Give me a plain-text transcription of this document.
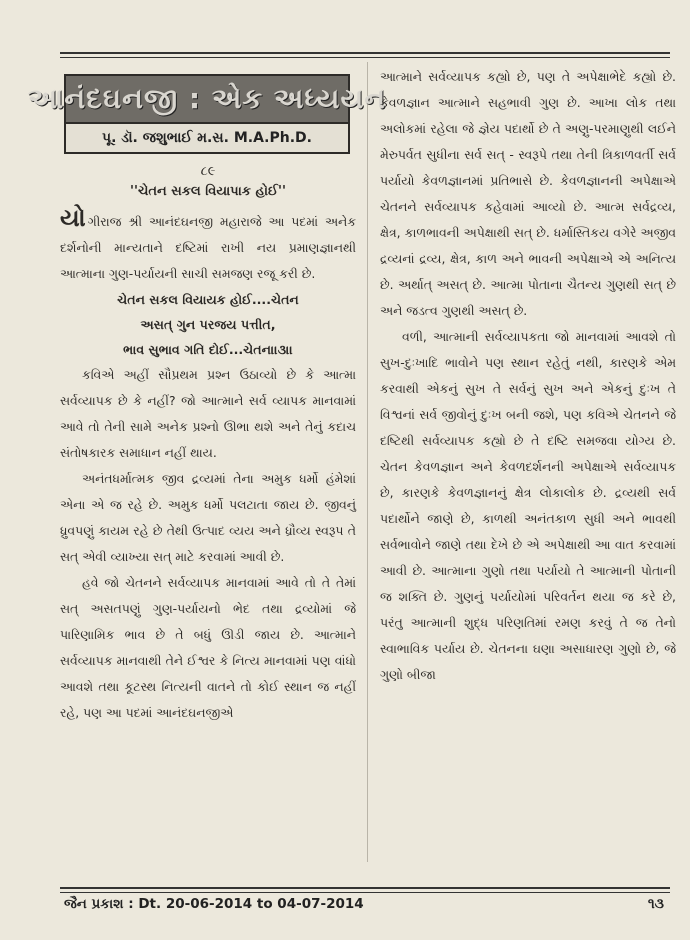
આનંદઘનજી : એક અધ્યયન
પૂ. ડૉ. જશુભાઈ મ.સ. M.A.Ph.D.

૮૯

''ચેતન સકલ વિયાપાક હોઈ''

યોગીરાજ શ્રી આનંદઘનજી મહારાજે આ પદમાં અનેક દર્શનોની માન્યતાને દષ્ટિમાં રાખી નય પ્રમાણજ્ઞાનથી આત્માના ગુણ-પર્યાયની સાચી સમજણ રજૂ કરી છે.

ચેતન સકલ વિયાયક હોઈ....ચેતન

અસત્ ગુન પરજય પત્તીત,

ભાવ સુભાવ ગતિ દોઈ...ચેતન।।૩।।

કવિએ અહીં સૌપ્રથમ પ્રશ્ન ઉઠાવ્યો છે કે આત્મા સર્વવ્યાપક છે કે નહીં? જો આત્માને સર્વ વ્યાપક માનવામાં આવે તો તેની સામે અનેક પ્રશ્નો ઊભા થશે અને તેનું કદાચ સંતોષકારક સમાધાન નહીં થાય.

અનંતધર્માત્મક જીવ દ્રવ્યમાં તેના અમુક ધર્મો હંમેશાં એના એ જ રહે છે. અમુક ધર્મો પલટાતા જાય છે. જીવનું ધ્રુવપણું કાયમ રહે છે તેથી ઉત્પાદ વ્યય અને ધ્રૌવ્ય સ્વરૂપ તે સત્ એવી વ્યાખ્યા સત્ માટે કરવામાં આવી છે.

હવે જો ચેતનને સર્વવ્યાપક માનવામાં આવે તો તે તેમાં સત્ અસતપણું ગુણ-પર્યાયનો ભેદ તથા દ્રવ્યોમાં જે પારિણામિક ભાવ છે તે બધું ઊડી જાય છે. આત્માને સર્વવ્યાપક માનવાથી તેને ઈશ્વર કે નિત્ય માનવામાં પણ વાંધો આવશે તથા કૂટસ્થ નિત્યની વાતને તો કોઈ સ્થાન જ નહીં રહે, પણ આ પદમાં આનંદઘનજીએ

આત્માને સર્વવ્યાપક કહ્યો છે, પણ તે અપેક્ષાભેદે કહ્યો છે. કેવળજ્ઞાન આત્માને સહભાવી ગુણ છે. આખા લોક તથા અલોકમાં રહેલા જે જ્ઞેય પદાર્થો છે તે અણુ-પરમાણુથી લઈને મેરુપર્વત સુધીના સર્વ સત્ - સ્વરૂપે તથા તેની ત્રિકાળવર્તી સર્વ પર્યાયો કેવળજ્ઞાનમાં પ્રતિભાસે છે. કેવળજ્ઞાનની અપેક્ષાએ ચેતનને સર્વવ્યાપક કહેવામાં આવ્યો છે. આત્મ સર્વદ્રવ્ય, ક્ષેત્ર, કાળભાવની અપેક્ષાથી સત્ છે. ધર્માસ્તિકય વગેરે અજીવ દ્રવ્યનાં દ્રવ્ય, ક્ષેત્ર, કાળ અને ભાવની અપેક્ષાએ એ અનિત્ય છે. અર્થાત્ અસત્ છે. આત્મા પોતાના ચૈતન્ય ગુણથી સત્ છે અને જડત્વ ગુણથી અસત્ છે.

વળી, આત્માની સર્વવ્યાપકતા જો માનવામાં આવશે તો સુખ-દુઃખાદિ ભાવોને પણ સ્થાન રહેતું નથી, કારણકે એમ કરવાથી એકનું સુખ તે સર્વનું સુખ અને એકનું દુઃખ તે વિશ્વનાં સર્વ જીવોનું દુઃખ બની જશે, પણ કવિએ ચેતનને જે દષ્ટિથી સર્વવ્યાપક કહ્યો છે તે દષ્ટિ સમજવા યોગ્ય છે. ચેતન કેવળજ્ઞાન અને કેવળદર્શનની અપેક્ષાએ સર્વવ્યાપક છે, કારણકે કેવળજ્ઞાનનું ક્ષેત્ર લોકાલોક છે. દ્રવ્યથી સર્વ પદાર્થોને જાણે છે, કાળથી અનંતકાળ સુધી અને ભાવથી સર્વભાવોને જાણે તથા દેખે છે એ અપેક્ષાથી આ વાત કરવામાં આવી છે. આત્માના ગુણો તથા પર્યાયો તે આત્માની પોતાની જ શક્તિ છે. ગુણનું પર્યાયોમાં પરિવર્તન થયા જ કરે છે, પરંતુ આત્માની શુદ્ધ પરિણતિમાં રમણ કરવું તે જ તેનો સ્વાભાવિક પર્યાય છે. ચેતનના ઘણા અસાધારણ ગુણો છે, જે ગુણો બીજા

જૈન પ્રકાશ : Dt. 20-06-2014 to 04-07-2014	૧૩
